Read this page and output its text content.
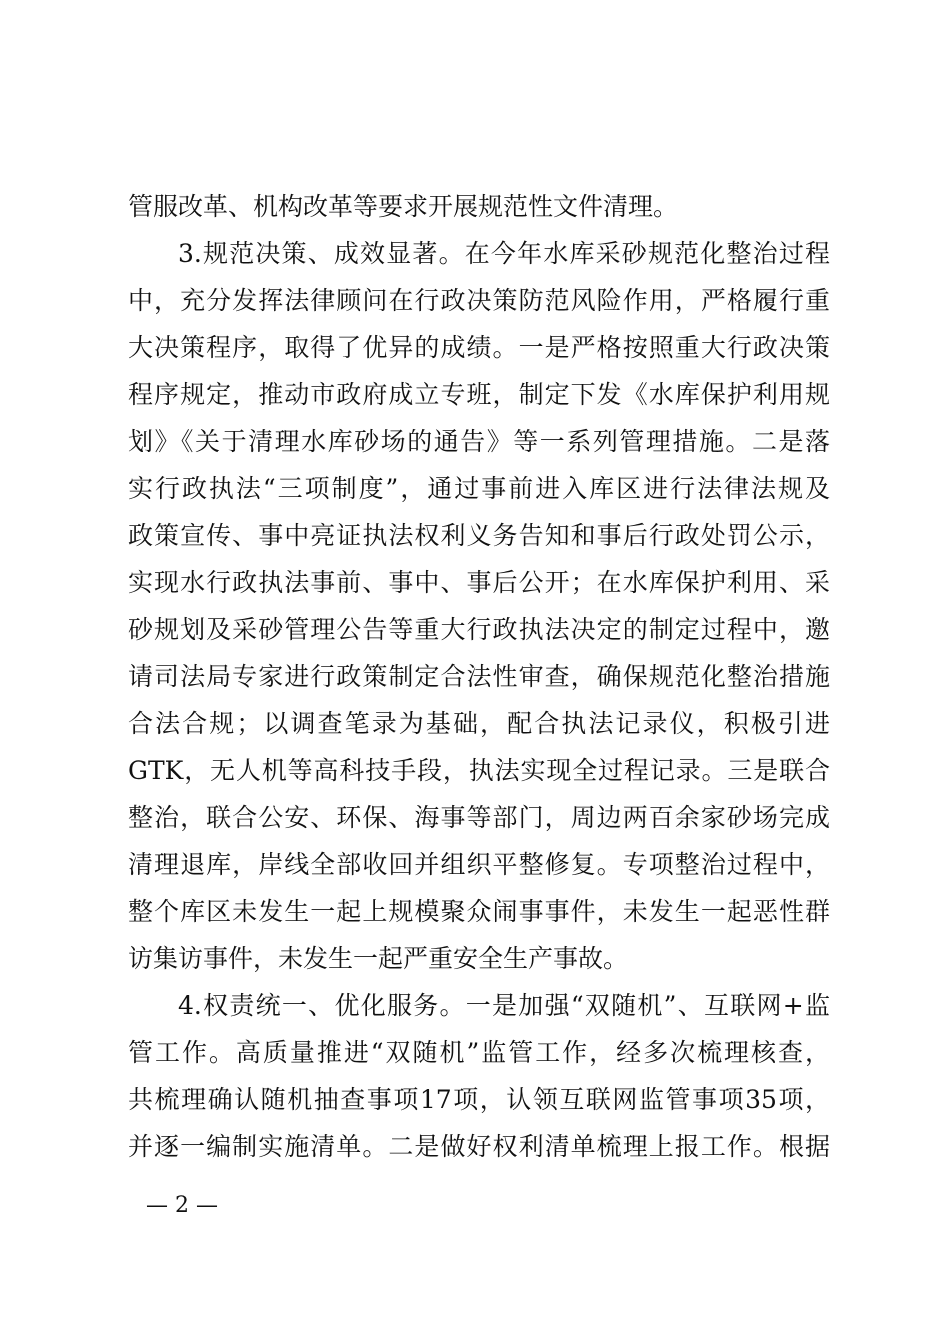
管服改革、机构改革等要求开展规范性文件清理。
3.规范决策、成效显著。在今年水库采砂规范化整治过程
中，充分发挥法律顾问在行政决策防范风险作用，严格履行重
大决策程序，取得了优异的成绩。一是严格按照重大行政决策
程序规定，推动市政府成立专班，制定下发《水库保护利用规
划》《关于清理水库砂场的通告》等一系列管理措施。二是落
实行政执法“三项制度”，通过事前进入库区进行法律法规及
政策宣传、事中亮证执法权利义务告知和事后行政处罚公示，
实现水行政执法事前、事中、事后公开；在水库保护利用、采
砂规划及采砂管理公告等重大行政执法决定的制定过程中，邀
请司法局专家进行政策制定合法性审查，确保规范化整治措施
合法合规；以调查笔录为基础，配合执法记录仪，积极引进
GTK，无人机等高科技手段，执法实现全过程记录。三是联合
整治，联合公安、环保、海事等部门，周边两百余家砂场完成
清理退库，岸线全部收回并组织平整修复。专项整治过程中，
整个库区未发生一起上规模聚众闹事事件，未发生一起恶性群
访集访事件，未发生一起严重安全生产事故。
4.权责统一、优化服务。一是加强“双随机”、互联网+监
管工作。高质量推进“双随机”监管工作，经多次梳理核查，
共梳理确认随机抽查事项17项，认领互联网监管事项35项，
并逐一编制实施清单。二是做好权利清单梳理上报工作。根据
— 2 —
